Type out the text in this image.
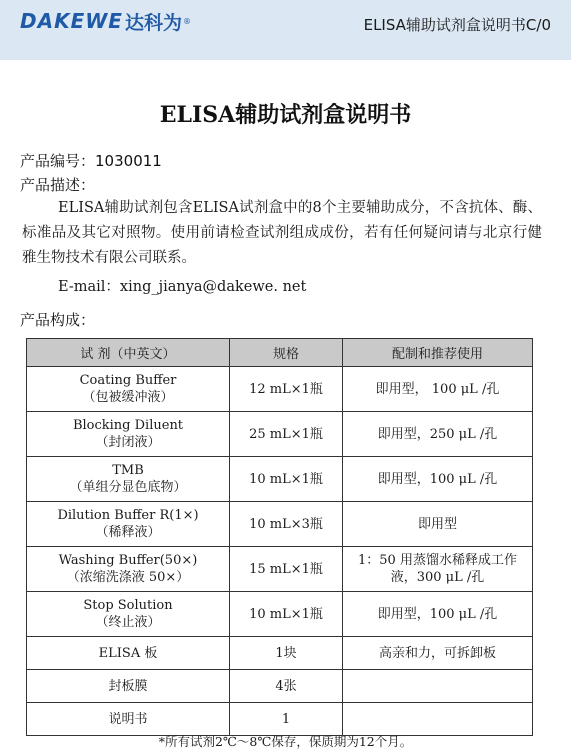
DAKEWE 达科为 ®	ELISA辅助试剂盒说明书C/0
ELISA辅助试剂盒说明书
产品编号：1030011
产品描述：

ELISA辅助试剂包含ELISA试剂盒中的8个主要辅助成分，不含抗体、酶、标准品及其它对照物。使用前请检查试剂组成成份，若有任何疑问请与北京行健雅生物技术有限公司联系。

E-mail：xing_jianya@dakewe. net
产品构成：
试 剂（中英文）	规格	配制和推荐使用

Coating Buffer
（包被缓冲液）	12 mL×1瓶	即用型， 100 μL /孔

Blocking Diluent
（封闭液）	25 mL×1瓶	即用型，250 μL /孔

TMB
（单组分显色底物）	10 mL×1瓶	即用型，100 μL /孔

Dilution Buffer R(1×)
（稀释液）	10 mL×3瓶	即用型

Washing Buffer(50×)
（浓缩洗涤液 50×）	15 mL×1瓶	1：50 用蒸馏水稀释成工作液，300 μL /孔

Stop Solution
（终止液）	10 mL×1瓶	即用型，100 μL /孔
ELISA 板	1块	高亲和力，可拆卸板
封板膜	4张	
说明书	1	
*所有试剂2℃～8℃保存，保质期为12个月。
